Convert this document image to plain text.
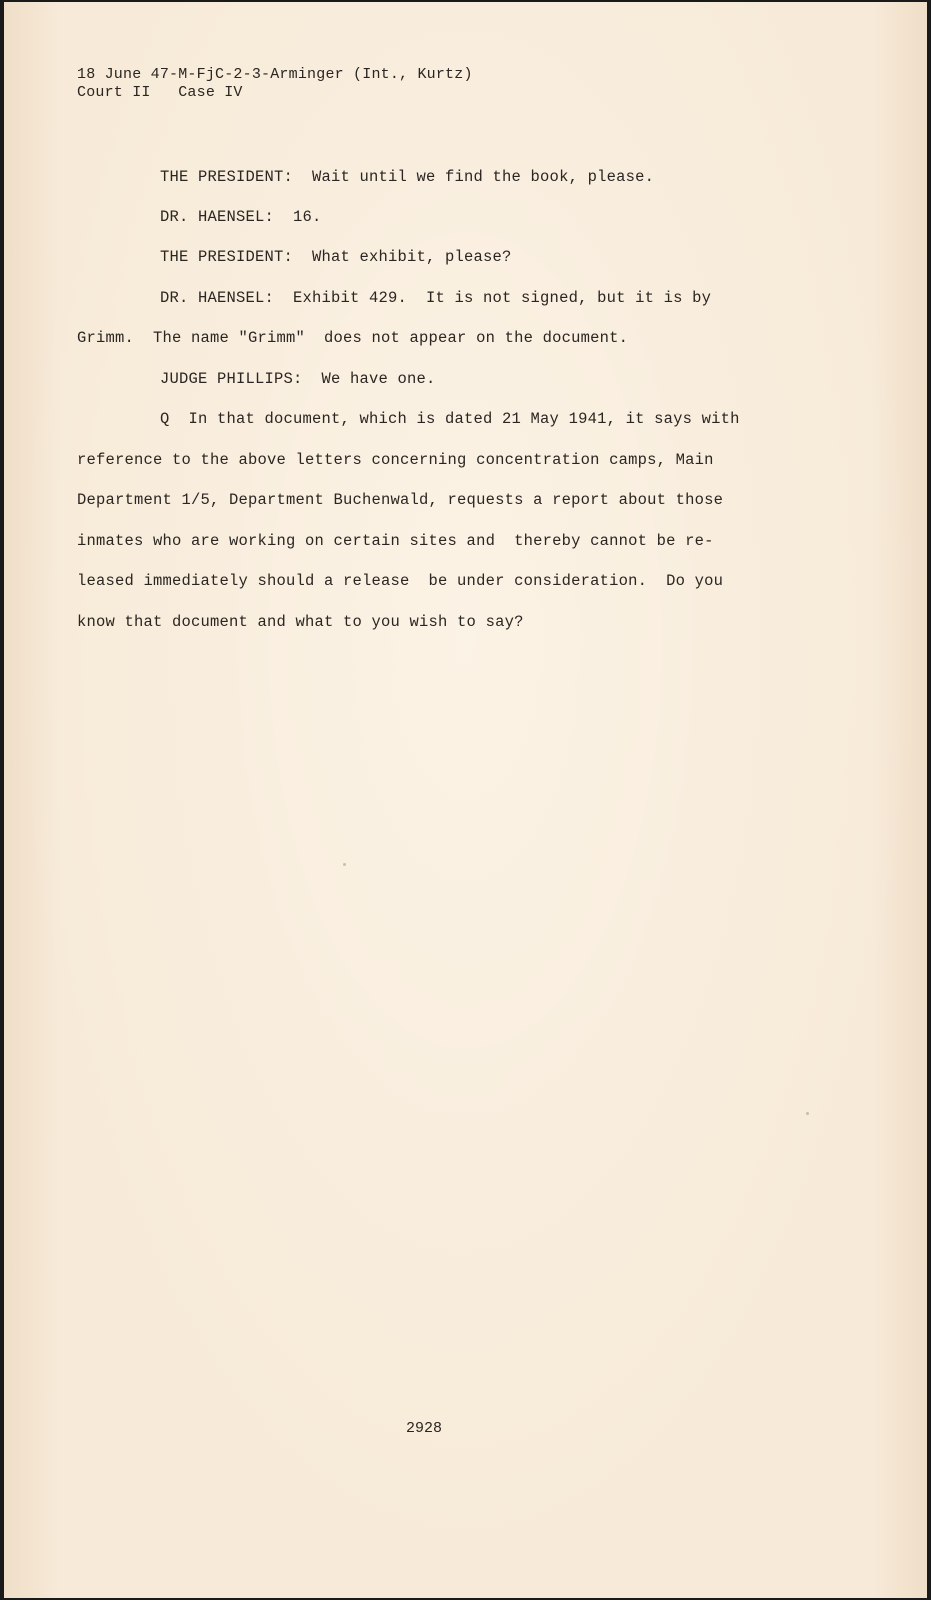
18 June 47-M-FjC-2-3-Arminger (Int., Kurtz)
Court II   Case IV
THE PRESIDENT:  Wait until we find the book, please.
DR. HAENSEL:  16.
THE PRESIDENT:  What exhibit, please?
DR. HAENSEL:  Exhibit 429.  It is not signed, but it is by
Grimm.  The name "Grimm"  does not appear on the document.
JUDGE PHILLIPS:  We have one.
Q  In that document, which is dated 21 May 1941, it says with
reference to the above letters concerning concentration camps, Main
Department 1/5, Department Buchenwald, requests a report about those
inmates who are working on certain sites and  thereby cannot be re-
leased immediately should a release  be under consideration.  Do you
know that document and what to you wish to say?
2928
